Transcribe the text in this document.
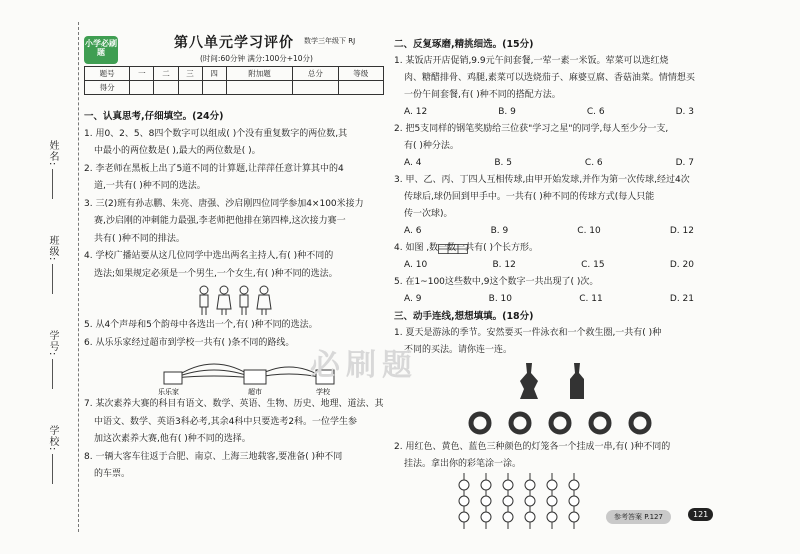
姓名:
班级:
学号:
学校:
小学必刷题
第八单元学习评价 数学三年级下 RJ
(时间:60分钟 满分:100分+10分)
题号	一	二	三	四	附加题	总分	等级
得分							
一、认真思考,仔细填空。(24分)

1. 用0、2、5、8四个数字可以组成( )个没有重复数字的两位数,其

中最小的两位数是( ),最大的两位数是( )。

2. 李老师在黑板上出了5道不同的计算题,让萍萍任意计算其中的4

道,一共有( )种不同的选法。

3. 三(2)班有孙志鹏、朱亮、唐强、沙启刚四位同学参加4×100米接力

赛,沙启刚的冲刺能力最强,李老师把他排在第四棒,这次接力赛一

共有( )种不同的排法。

4. 学校广播站要从这几位同学中选出两名主持人,有( )种不同的

选法;如果规定必须是一个男生,一个女生,有( )种不同的选法。

5. 从4个声母和5个韵母中各选出一个,有( )种不同的选法。

6. 从乐乐家经过超市到学校一共有( )条不同的路线。

乐乐家	超市	学校

7. 某次素养大赛的科目有语文、数学、英语、生物、历史、地理、道法、其

中语文、数学、英语3科必考,其余4科中只要选考2科。一位学生参

加这次素养大赛,他有( )种不同的选择。

8. 一辆大客车往返于合肥、南京、上海三地载客,要准备( )种不同

的车票。

二、反复琢磨,精挑细选。(15分)

1. 某饭店开店促销,9.9元午间套餐,一荤一素一米饭。荤菜可以选红烧

肉、糖醋排骨、鸡腿,素菜可以选烧茄子、麻婆豆腐、香菇油菜。情情想买

一份午间套餐,有( )种不同的搭配方法。

A. 12	B. 9	C. 6	D. 3

2. 把5支同样的钢笔奖励给三位获"学习之星"的同学,每人至少分一支,

有( )种分法。

A. 4	B. 5	C. 6	D. 7

3. 甲、乙、丙、丁四人互相传球,由甲开始发球,并作为第一次传球,经过4次

传球后,球仍回到甲手中。一共有( )种不同的传球方式(每人只能

传一次球)。

A. 6	B. 9	C. 10	D. 12

4. 如图 ,数一数一共有( )个长方形。

A. 10	B. 12	C. 15	D. 20

5. 在1~100这些数中,9这个数字一共出现了( )次。

A. 9	B. 10	C. 11	D. 21
三、动手连线,想想填填。(18分)

1. 夏天是游泳的季节。安然要买一件泳衣和一个救生圈,一共有( )种

不同的买法。请你连一连。

2. 用红色、黄色、蓝色三种颜色的灯笼各一个挂成一串,有( )种不同的

挂法。拿出你的彩笔涂一涂。

必刷题
参考答案 P.127	121
